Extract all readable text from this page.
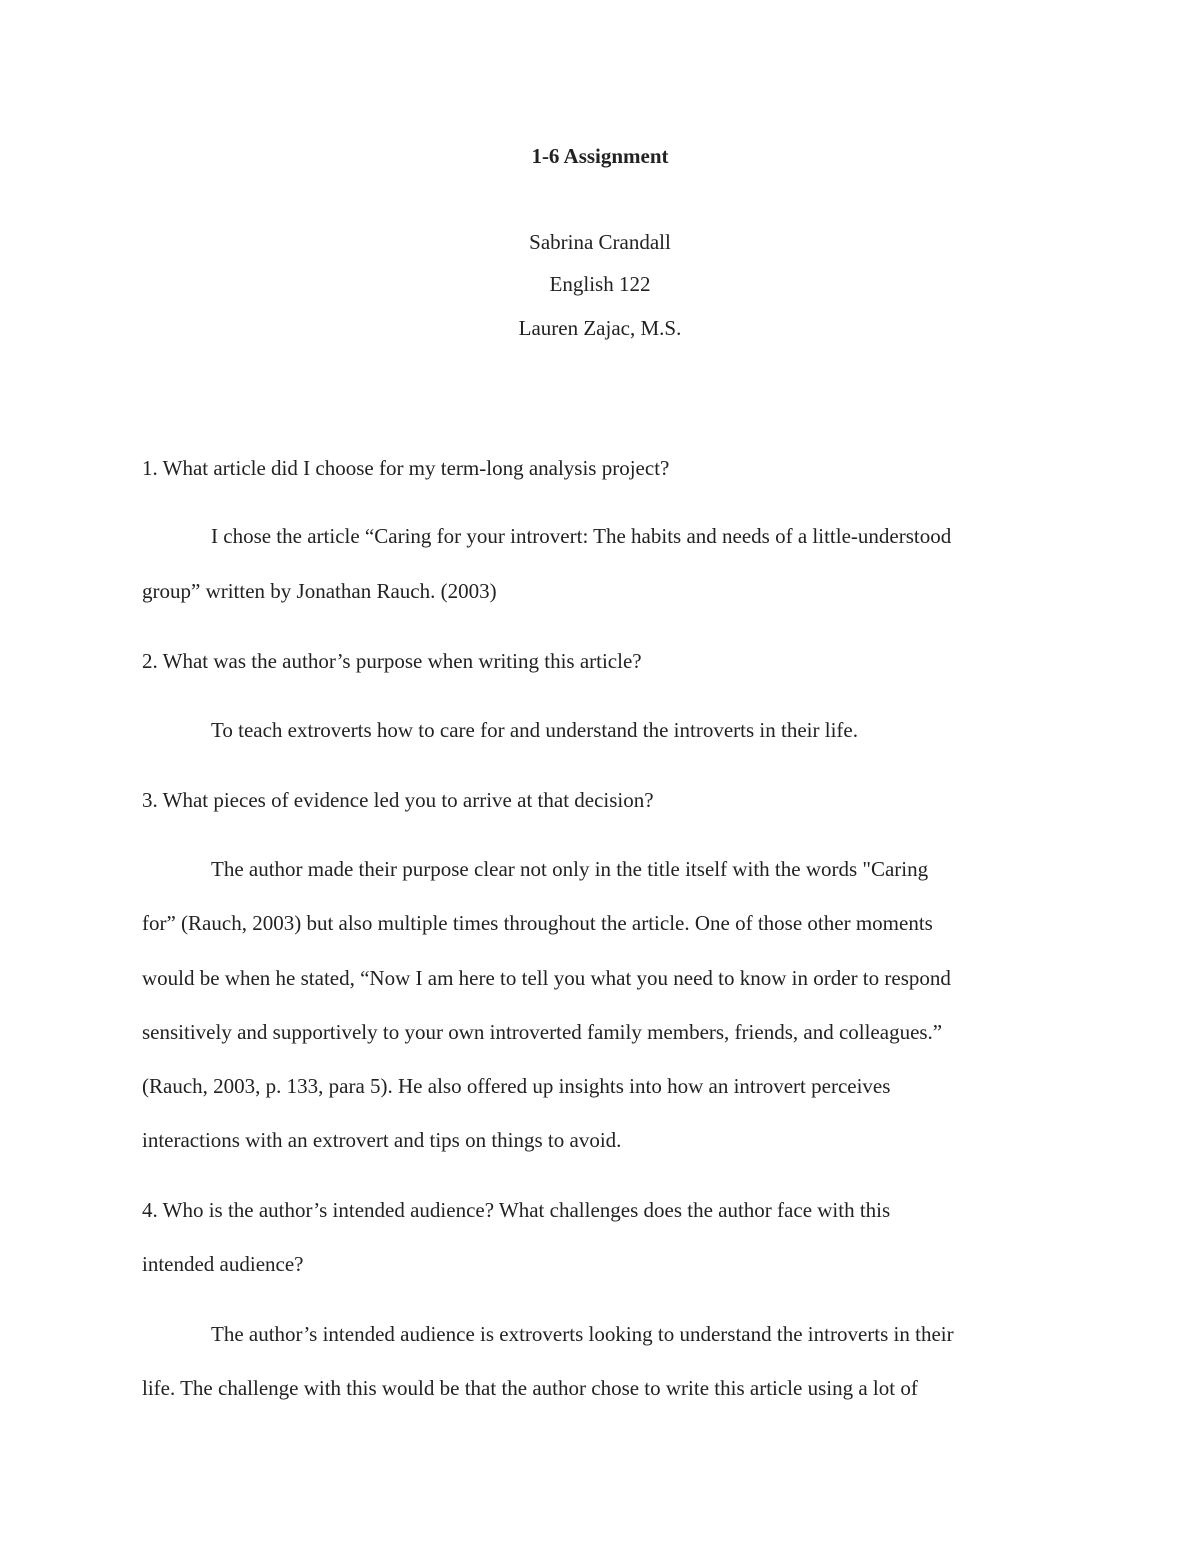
1-6 Assignment
Sabrina Crandall
English 122
Lauren Zajac, M.S.
1. What article did I choose for my term-long analysis project?
I chose the article “Caring for your introvert: The habits and needs of a little-understood
group” written by Jonathan Rauch. (2003)
2. What was the author’s purpose when writing this article?
To teach extroverts how to care for and understand the introverts in their life.
3. What pieces of evidence led you to arrive at that decision?
The author made their purpose clear not only in the title itself with the words "Caring
for” (Rauch, 2003) but also multiple times throughout the article. One of those other moments
would be when he stated, “Now I am here to tell you what you need to know in order to respond
sensitively and supportively to your own introverted family members, friends, and colleagues.”
(Rauch, 2003, p. 133, para 5). He also offered up insights into how an introvert perceives
interactions with an extrovert and tips on things to avoid.
4. Who is the author’s intended audience? What challenges does the author face with this
intended audience?
The author’s intended audience is extroverts looking to understand the introverts in their
life. The challenge with this would be that the author chose to write this article using a lot of
